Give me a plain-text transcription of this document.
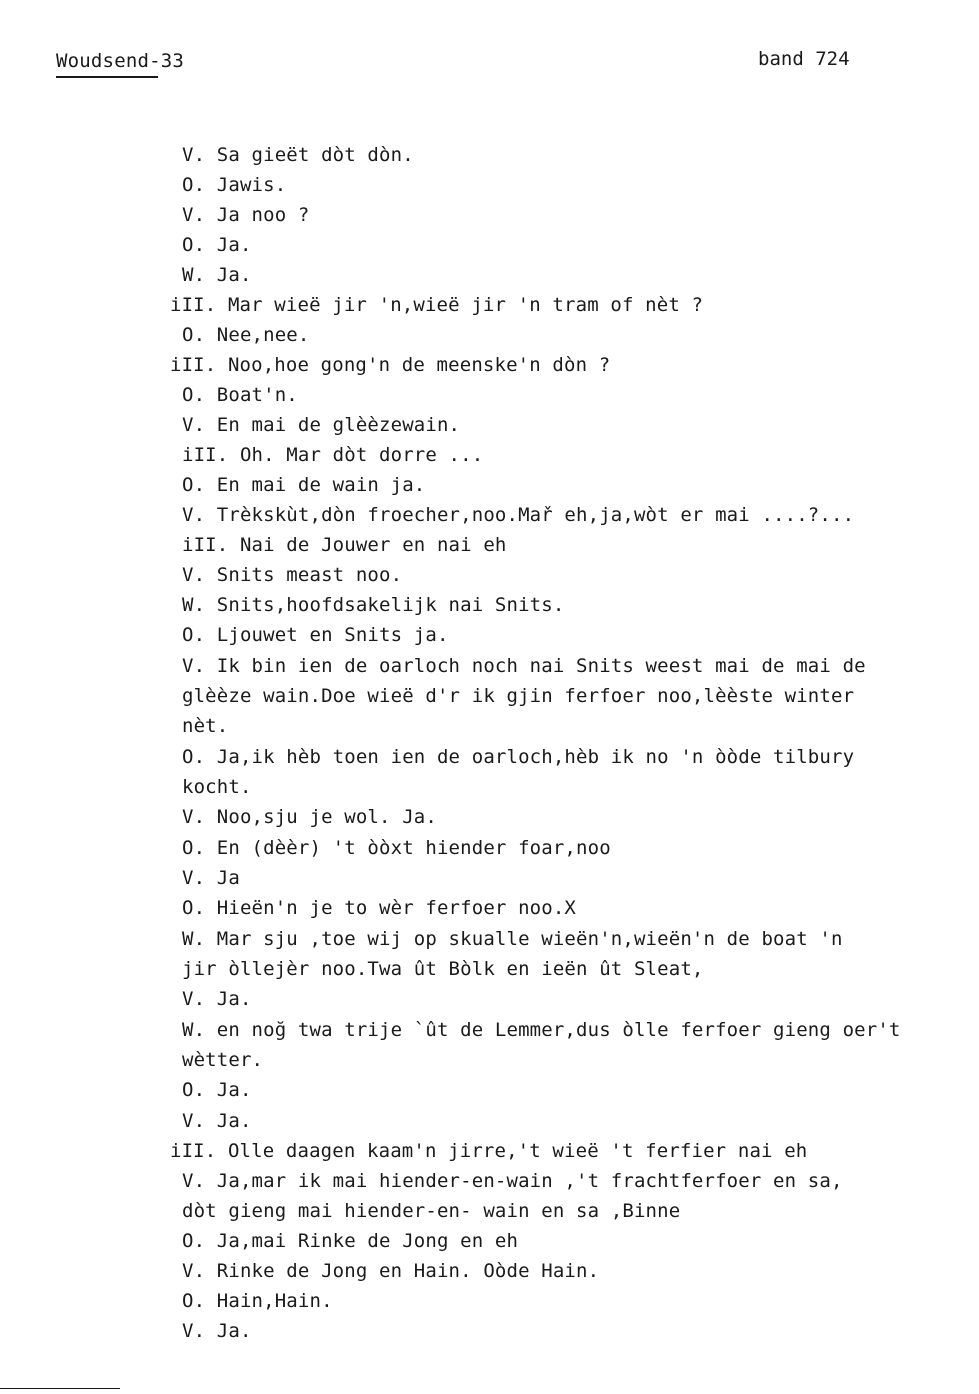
Woudsend-33	band 724
V. Sa gieët dòt dòn.
O. Jawis.
V. Ja noo ?
O. Ja.
W. Ja.
iII. Mar wieë jir 'n,wieë jir 'n tram of nèt ?
O. Nee,nee.
iII. Noo,hoe gong'n de meenske'n dòn ?
O. Boat'n.
V. En mai de glèèzewain.
iII. Oh. Mar dòt dorre ...
O. En mai de wain ja.
V. Trèkskùt,dòn froecher,noo.Mař eh,ja,wòt er mai ....?...
iII. Nai de Jouwer en nai eh
V. Snits meast noo.
W. Snits,hoofdsakelijk nai Snits.
O. Ljouwet en Snits ja.
V. Ik bin ien de oarloch noch nai Snits weest mai de mai de
glèèze wain.Doe wieë d'r ik gjin ferfoer noo,lèèste winter
nèt.
O. Ja,ik hèb toen ien de oarloch,hèb ik no 'n òòde tilbury
kocht.
V. Noo,sju je wol. Ja.
O. En (dèèr) 't òòxt hiender foar,noo
V. Ja
O. Hieën'n je to wèr ferfoer noo.X
W. Mar sju ,toe wij op skualle wieën'n,wieën'n de boat 'n
jir òllejèr noo.Twa ût Bòlk en ieën ût Sleat,
V. Ja.
W. en noğ twa trije `ût de Lemmer,dus òlle ferfoer gieng oer't
wètter.
O. Ja.
V. Ja.
iII. Olle daagen kaam'n jirre,'t wieë 't ferfier nai eh
V. Ja,mar ik mai hiender-en-wain ,'t frachtferfoer en sa,
dòt gieng mai hiender-en- wain en sa ,Binne
O. Ja,mai Rinke de Jong en eh
V. Rinke de Jong en Hain. Oòde Hain.
O. Hain,Hain.
V. Ja.
